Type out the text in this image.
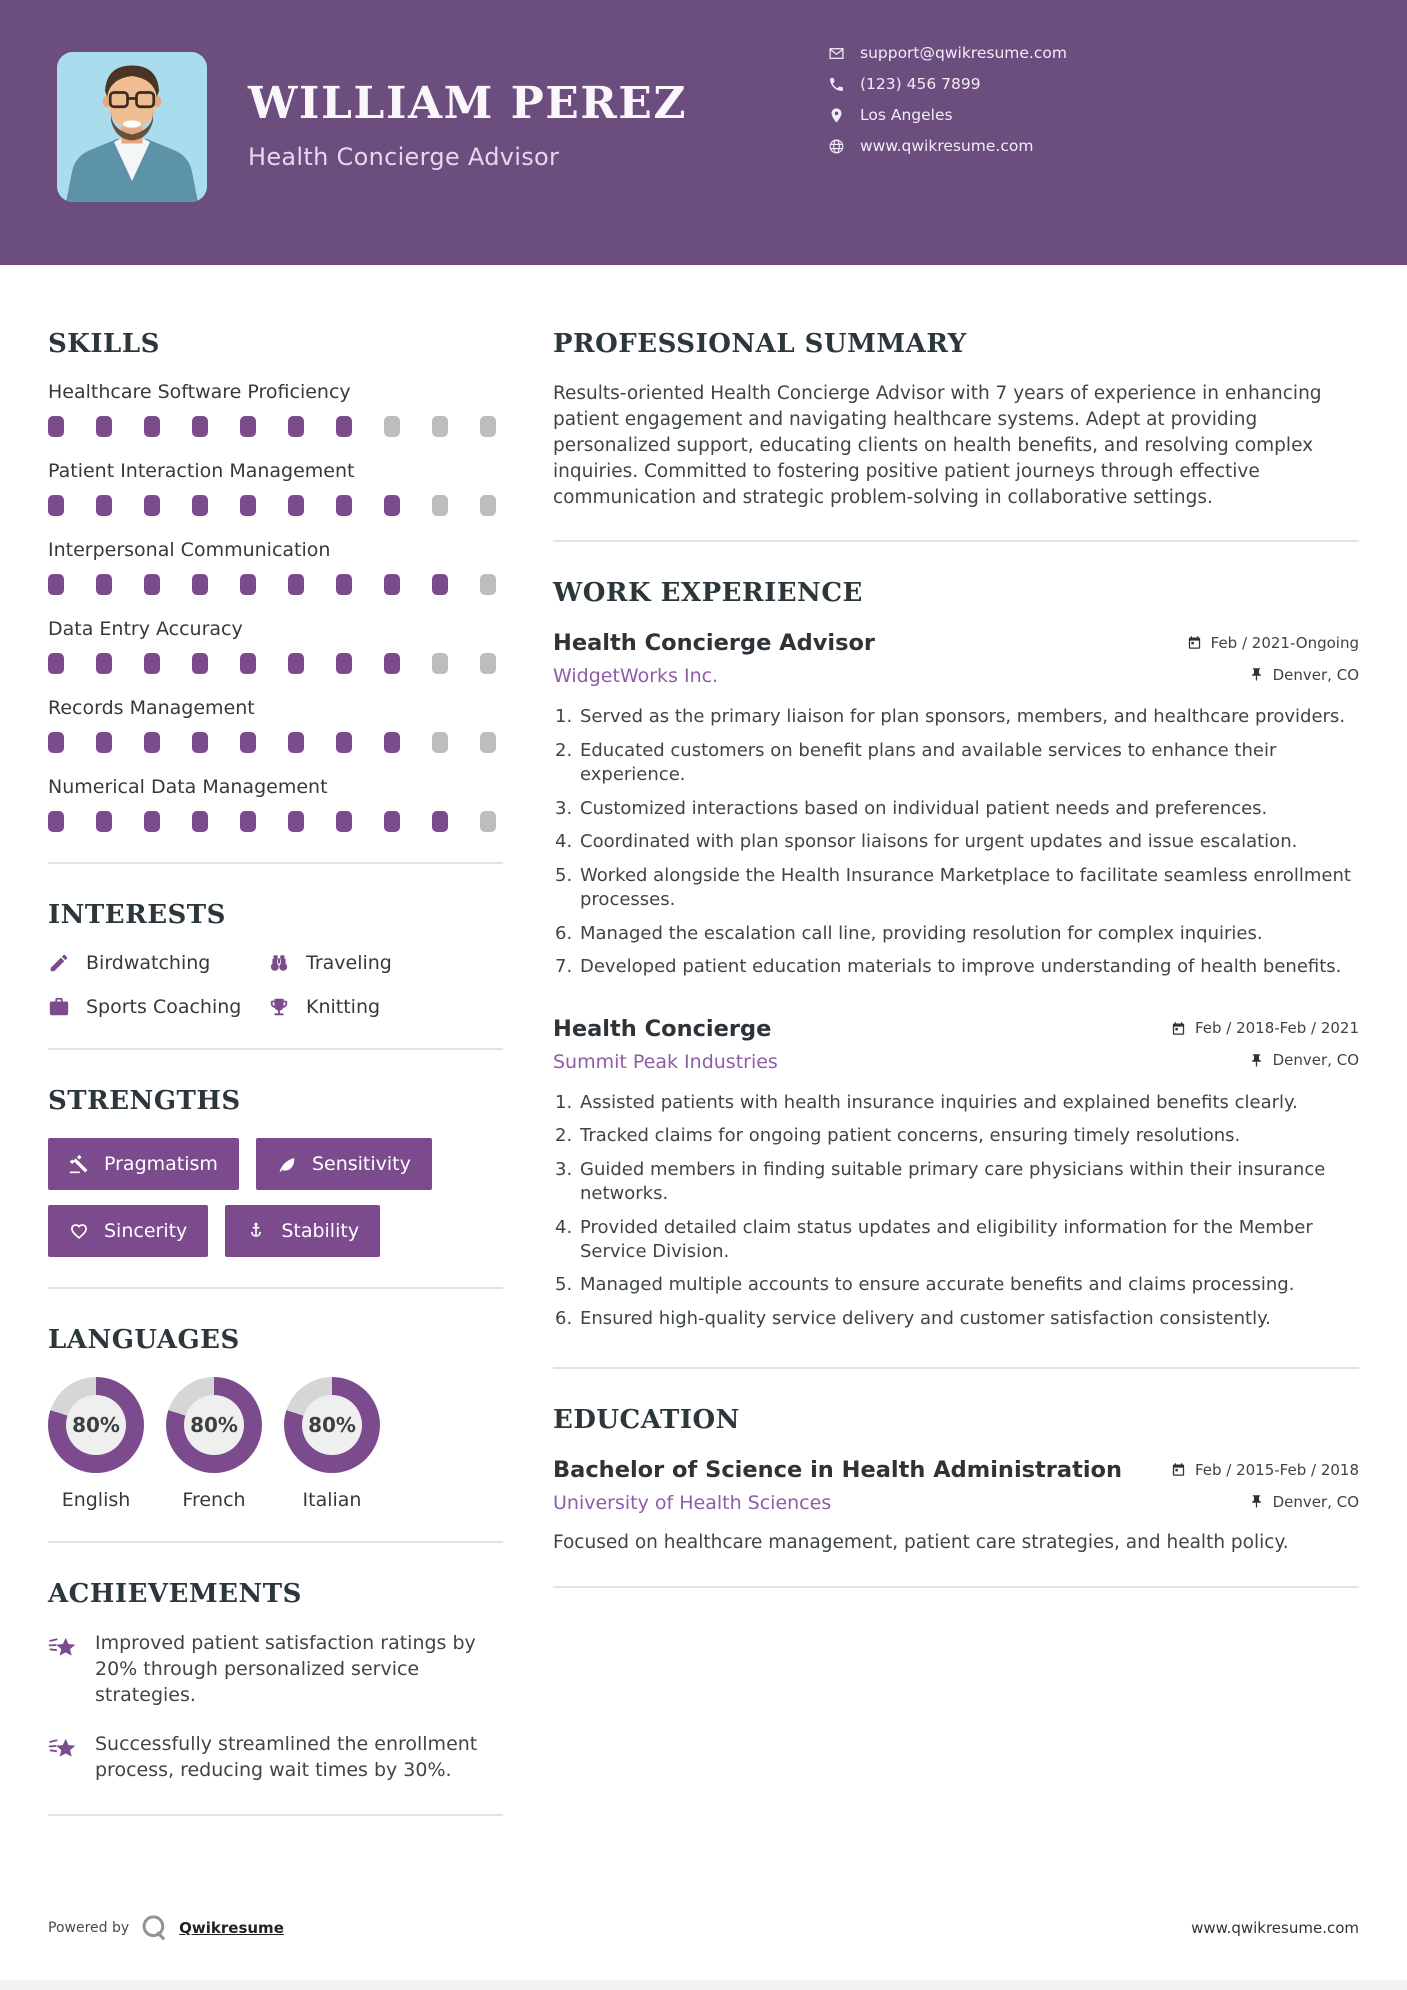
WILLIAM PEREZ
Health Concierge Advisor
support@qwikresume.com
(123) 456 7899
Los Angeles
www.qwikresume.com
SKILLS
Healthcare Software Proficiency
Patient Interaction Management
Interpersonal Communication
Data Entry Accuracy
Records Management
Numerical Data Management
INTERESTS
Birdwatching	Traveling
Sports Coaching	Knitting
STRENGTHS
Pragmatism	Sensitivity
Sincerity	Stability
LANGUAGES
80%
English
80%
French
80%
Italian
ACHIEVEMENTS
Improved patient satisfaction ratings by 20% through personalized service strategies.
Successfully streamlined the enrollment process, reducing wait times by 30%.
PROFESSIONAL SUMMARY

Results-oriented Health Concierge Advisor with 7 years of experience in enhancing patient engagement and navigating healthcare systems. Adept at providing personalized support, educating clients on health benefits, and resolving complex inquiries. Committed to fostering positive patient journeys through effective communication and strategic problem-solving in collaborative settings.

WORK EXPERIENCE
Health Concierge Advisor	Feb / 2021-Ongoing
WidgetWorks Inc.	Denver, CO
Served as the primary liaison for plan sponsors, members, and healthcare providers.
Educated customers on benefit plans and available services to enhance their experience.
Customized interactions based on individual patient needs and preferences.
Coordinated with plan sponsor liaisons for urgent updates and issue escalation.
Worked alongside the Health Insurance Marketplace to facilitate seamless enrollment processes.
Managed the escalation call line, providing resolution for complex inquiries.
Developed patient education materials to improve understanding of health benefits.
Health Concierge	Feb / 2018-Feb / 2021
Summit Peak Industries	Denver, CO
Assisted patients with health insurance inquiries and explained benefits clearly.
Tracked claims for ongoing patient concerns, ensuring timely resolutions.
Guided members in finding suitable primary care physicians within their insurance networks.
Provided detailed claim status updates and eligibility information for the Member Service Division.
Managed multiple accounts to ensure accurate benefits and claims processing.
Ensured high-quality service delivery and customer satisfaction consistently.
EDUCATION
Bachelor of Science in Health Administration	Feb / 2015-Feb / 2018
University of Health Sciences	Denver, CO

Focused on healthcare management, patient care strategies, and health policy.

Powered by	Qwikresume	www.qwikresume.com
